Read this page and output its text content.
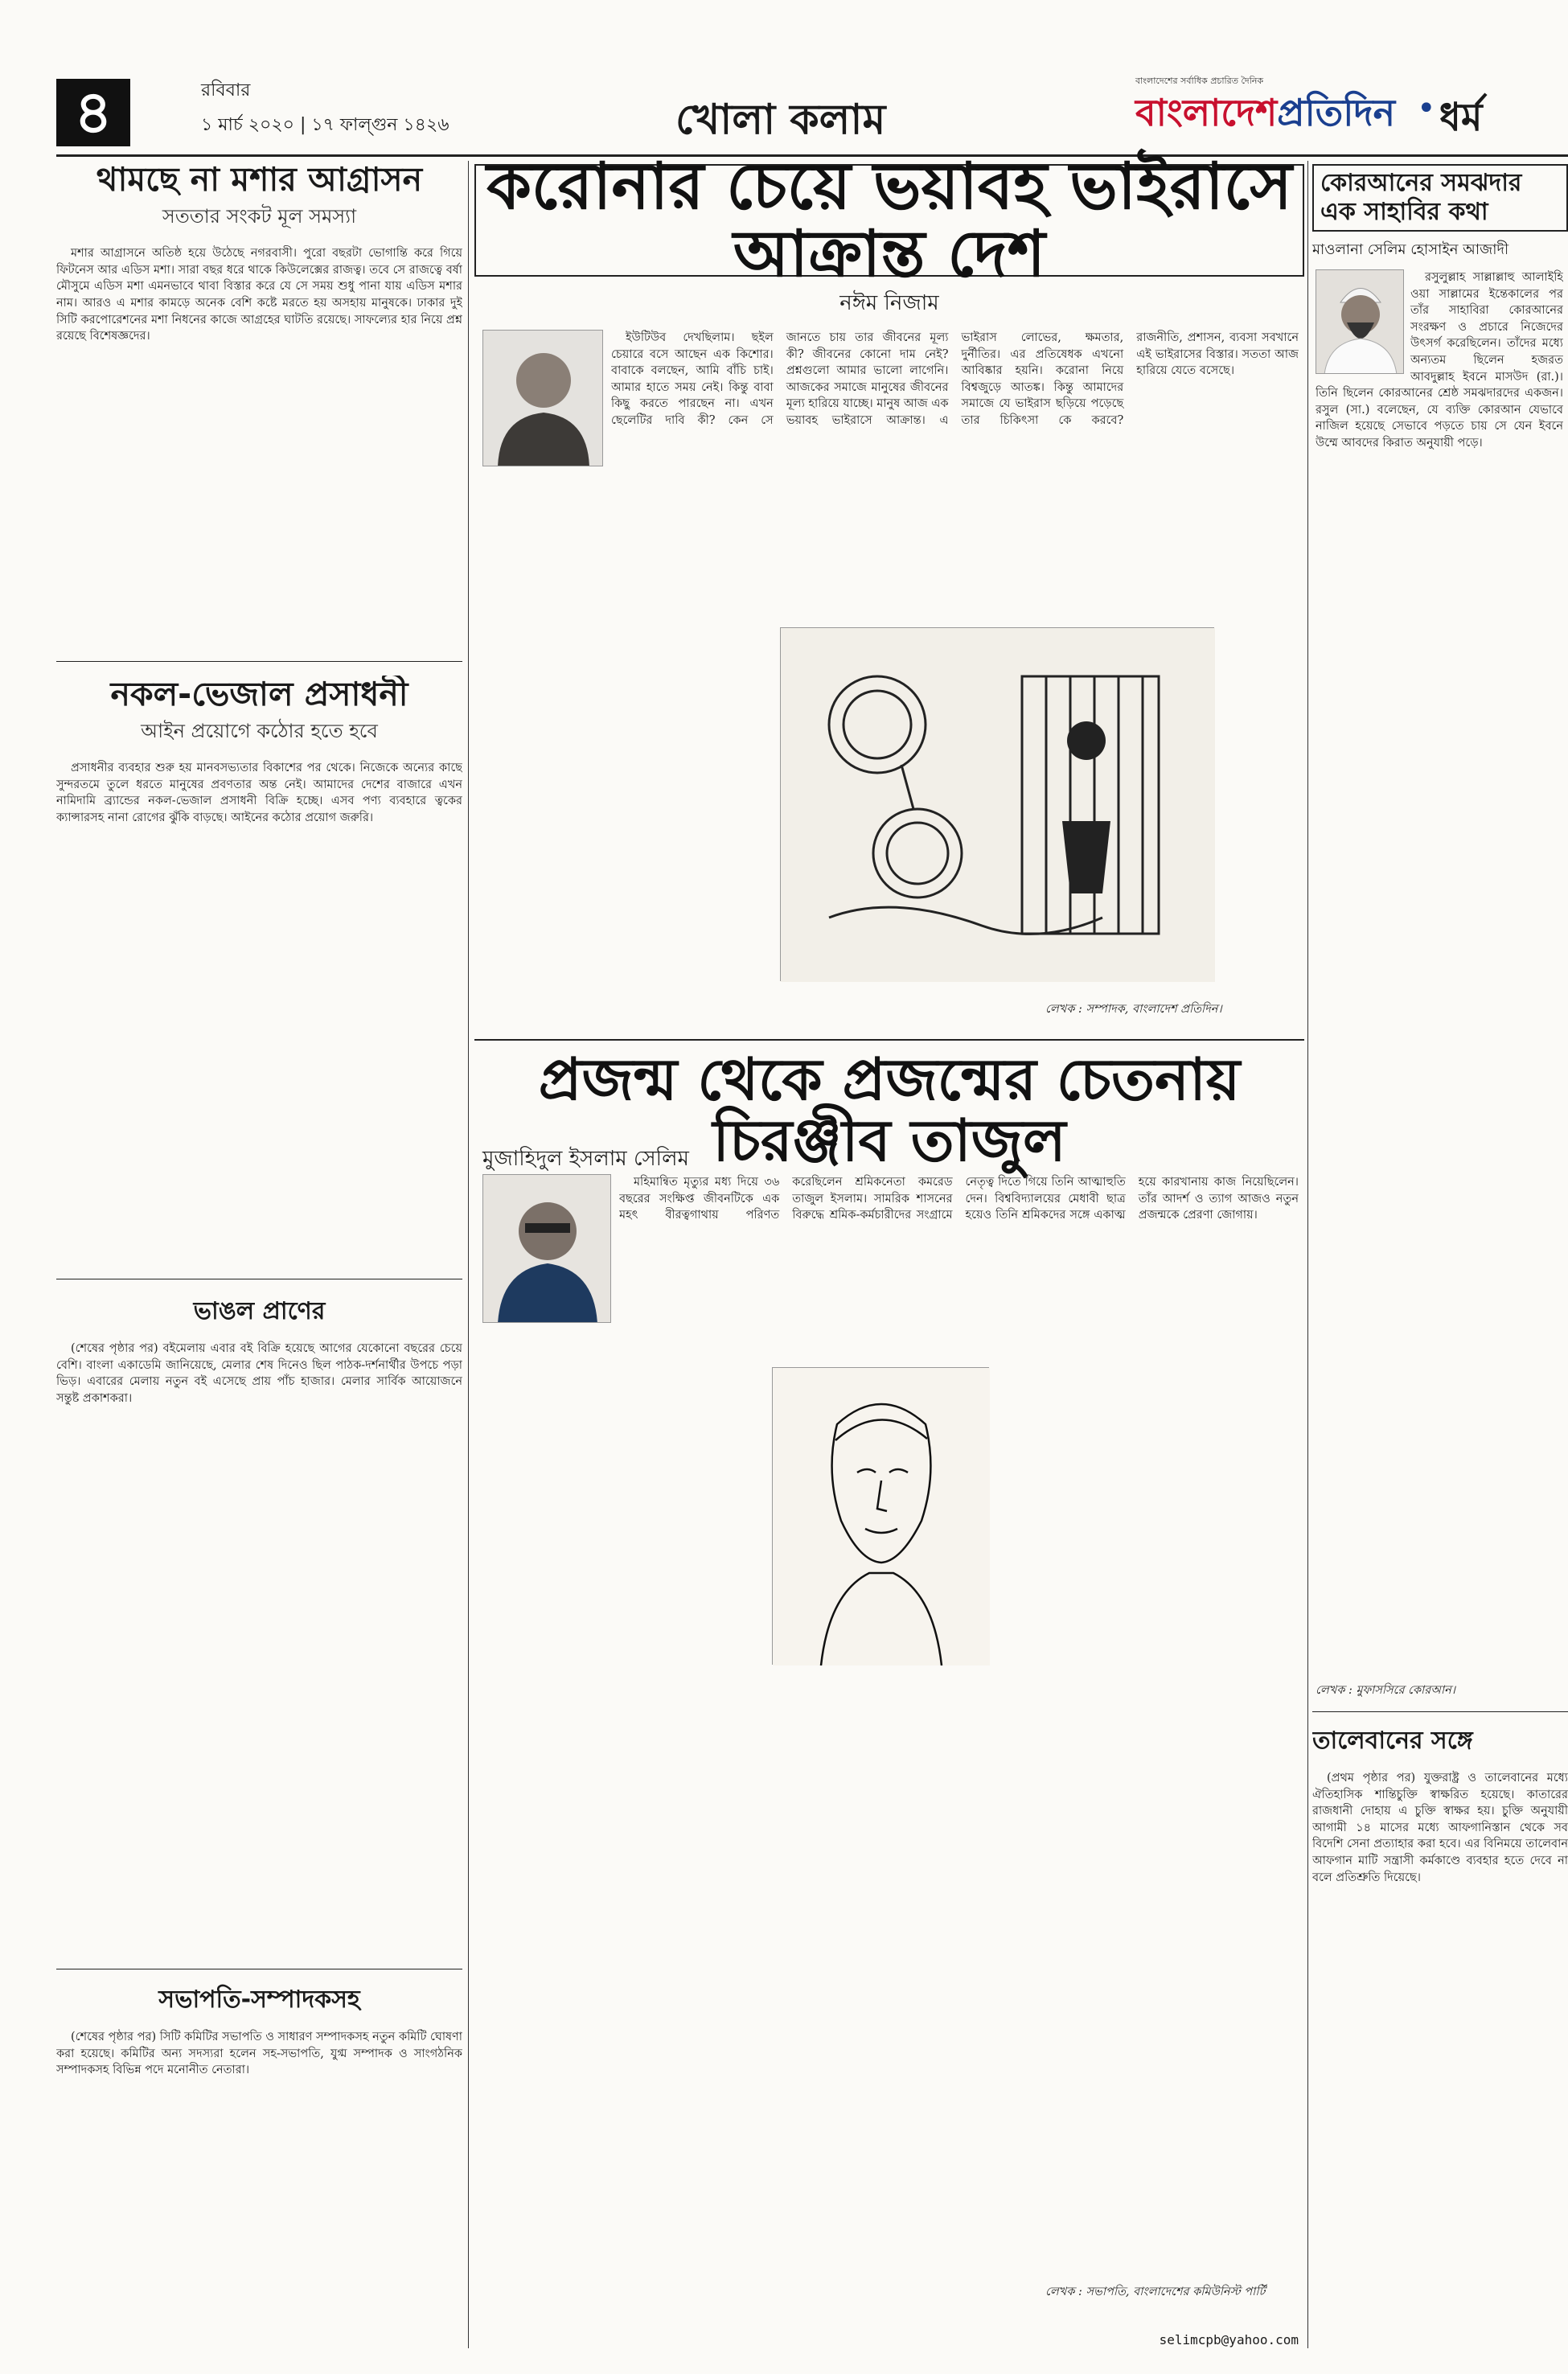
৪	রবিবার
১ মার্চ ২০২০ | ১৭ ফাল্গুন ১৪২৬	খোলা কলাম
বাংলাদেশের সর্বাধিক প্রচারিত দৈনিক
বাংলাদেশপ্রতিদিন • ধর্ম
থামছে না মশার আগ্রাসন
সততার সংকট মূল সমস্যা

মশার আগ্রাসনে অতিষ্ঠ হয়ে উঠেছে নগরবাসী। পুরো বছরটা ভোগান্তি করে গিয়ে ফিটনেস আর এডিস মশা। সারা বছর ধরে থাকে কিউলেক্সের রাজত্ব। তবে সে রাজত্বে বর্ষা মৌসুমে এডিস মশা এমনভাবে থাবা বিস্তার করে যে সে সময় শুধু পানা যায় এডিস মশার নাম। আরও এ মশার কামড়ে অনেক বেশি কষ্টে মরতে হয় অসহায় মানুষকে। ঢাকার দুই সিটি করপোরেশনের মশা নিধনের কাজে আগ্রহের ঘাটতি রয়েছে। সাফল্যের হার নিয়ে প্রশ্ন রয়েছে বিশেষজ্ঞদের।

নকল-ভেজাল প্রসাধনী
আইন প্রয়োগে কঠোর হতে হবে

প্রসাধনীর ব্যবহার শুরু হয় মানবসভ্যতার বিকাশের পর থেকে। নিজেকে অন্যের কাছে সুন্দরতমে তুলে ধরতে মানুষের প্রবণতার অন্ত নেই। আমাদের দেশের বাজারে এখন নামিদামি ব্র্যান্ডের নকল-ভেজাল প্রসাধনী বিক্রি হচ্ছে। এসব পণ্য ব্যবহারে ত্বকের ক্যান্সারসহ নানা রোগের ঝুঁকি বাড়ছে। আইনের কঠোর প্রয়োগ জরুরি।

ভাঙল প্রাণের

(শেষের পৃষ্ঠার পর) বইমেলায় এবার বই বিক্রি হয়েছে আগের যেকোনো বছরের চেয়ে বেশি। বাংলা একাডেমি জানিয়েছে, মেলার শেষ দিনেও ছিল পাঠক-দর্শনার্থীর উপচে পড়া ভিড়। এবারের মেলায় নতুন বই এসেছে প্রায় পাঁচ হাজার। মেলার সার্বিক আয়োজনে সন্তুষ্ট প্রকাশকরা।

সভাপতি-সম্পাদকসহ

(শেষের পৃষ্ঠার পর) সিটি কমিটির সভাপতি ও সাধারণ সম্পাদকসহ নতুন কমিটি ঘোষণা করা হয়েছে। কমিটির অন্য সদস্যরা হলেন সহ-সভাপতি, যুগ্ম সম্পাদক ও সাংগঠনিক সম্পাদকসহ বিভিন্ন পদে মনোনীত নেতারা।

করোনার চেয়ে ভয়াবহ ভাইরাসে আক্রান্ত দেশ
নঈম নিজাম

ইউটিউব দেখছিলাম। ছইল চেয়ারে বসে আছেন এক কিশোর। বাবাকে বলছেন, আমি বাঁচি চাই। আমার হাতে সময় নেই। কিন্তু বাবা কিছু করতে পারছেন না। এখন ছেলেটির দাবি কী? কেন সে জানতে চায় তার জীবনের মূল্য কী? জীবনের কোনো দাম নেই? প্রশ্নগুলো আমার ভালো লাগেনি। আজকের সমাজে মানুষের জীবনের মূল্য হারিয়ে যাচ্ছে। মানুষ আজ এক ভয়াবহ ভাইরাসে আক্রান্ত। এ ভাইরাস লোভের, ক্ষমতার, দুর্নীতির। এর প্রতিষেধক এখনো আবিষ্কার হয়নি। করোনা নিয়ে বিশ্বজুড়ে আতঙ্ক। কিন্তু আমাদের সমাজে যে ভাইরাস ছড়িয়ে পড়েছে তার চিকিৎসা কে করবে? রাজনীতি, প্রশাসন, ব্যবসা সবখানে এই ভাইরাসের বিস্তার। সততা আজ হারিয়ে যেতে বসেছে।

লেখক : সম্পাদক, বাংলাদেশ প্রতিদিন।
প্রজন্ম থেকে প্রজন্মের চেতনায় চিরঞ্জীব তাজুল
মুজাহিদুল ইসলাম সেলিম

মহিমান্বিত মৃত্যুর মধ্য দিয়ে ৩৬ বছরের সংক্ষিপ্ত জীবনটিকে এক মহৎ বীরত্বগাথায় পরিণত করেছিলেন শ্রমিকনেতা কমরেড তাজুল ইসলাম। সামরিক শাসনের বিরুদ্ধে শ্রমিক-কর্মচারীদের সংগ্রামে নেতৃত্ব দিতে গিয়ে তিনি আত্মাহুতি দেন। বিশ্ববিদ্যালয়ের মেধাবী ছাত্র হয়েও তিনি শ্রমিকদের সঙ্গে একাত্ম হয়ে কারখানায় কাজ নিয়েছিলেন। তাঁর আদর্শ ও ত্যাগ আজও নতুন প্রজন্মকে প্রেরণা জোগায়।

লেখক : সভাপতি, বাংলাদেশের কমিউনিস্ট পার্টি
selimcpb@yahoo.com
কোরআনের সমঝদার এক সাহাবির কথা
মাওলানা সেলিম হোসাইন আজাদী

রসুলুল্লাহ সাল্লাল্লাহু আলাইহি ওয়া সাল্লামের ইন্তেকালের পর তাঁর সাহাবিরা কোরআনের সংরক্ষণ ও প্রচারে নিজেদের উৎসর্গ করেছিলেন। তাঁদের মধ্যে অন্যতম ছিলেন হজরত আবদুল্লাহ ইবনে মাসউদ (রা.)। তিনি ছিলেন কোরআনের শ্রেষ্ঠ সমঝদারদের একজন। রসুল (সা.) বলেছেন, যে ব্যক্তি কোরআন যেভাবে নাজিল হয়েছে সেভাবে পড়তে চায় সে যেন ইবনে উম্মে আবদের কিরাত অনুযায়ী পড়ে।

লেখক : মুফাসসিরে কোরআন।
তালেবানের সঙ্গে

(প্রথম পৃষ্ঠার পর) যুক্তরাষ্ট্র ও তালেবানের মধ্যে ঐতিহাসিক শান্তিচুক্তি স্বাক্ষরিত হয়েছে। কাতারের রাজধানী দোহায় এ চুক্তি স্বাক্ষর হয়। চুক্তি অনুযায়ী আগামী ১৪ মাসের মধ্যে আফগানিস্তান থেকে সব বিদেশি সেনা প্রত্যাহার করা হবে। এর বিনিময়ে তালেবান আফগান মাটি সন্ত্রাসী কর্মকাণ্ডে ব্যবহার হতে দেবে না বলে প্রতিশ্রুতি দিয়েছে।
